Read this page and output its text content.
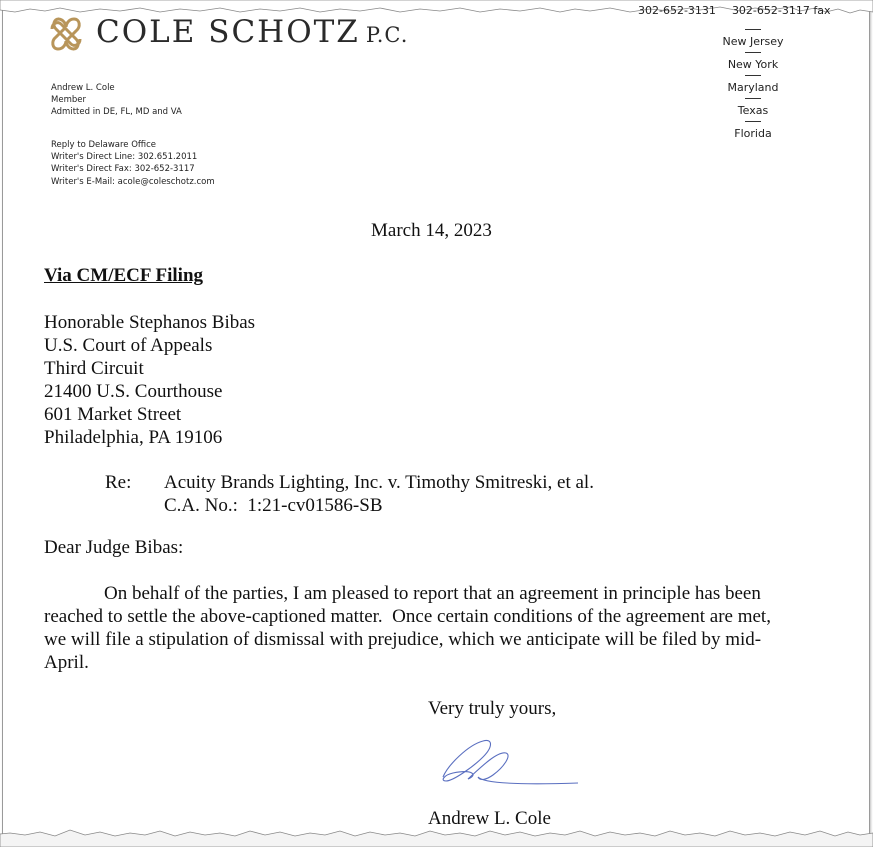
COLE SCHOTZ P.C.
302-652-3131 302-652-3117 fax
New Jersey
New York
Maryland
Texas
Florida
Andrew L. Cole
Member
Admitted in DE, FL, MD and VA
Reply to Delaware Office
Writer's Direct Line: 302.651.2011
Writer's Direct Fax: 302-652-3117
Writer's E-Mail: acole@coleschotz.com
March 14, 2023
Via CM/ECF Filing
Honorable Stephanos Bibas
U.S. Court of Appeals
Third Circuit
21400 U.S. Courthouse
601 Market Street
Philadelphia, PA 19106
Re: Acuity Brands Lighting, Inc. v. Timothy Smitreski, et al.
C.A. No.:  1:21-cv01586-SB
Dear Judge Bibas:
On behalf of the parties, I am pleased to report that an agreement in principle has been
reached to settle the above-captioned matter.  Once certain conditions of the agreement are met,
we will file a stipulation of dismissal with prejudice, which we anticipate will be filed by mid-
April.
Very truly yours,
Andrew L. Cole
